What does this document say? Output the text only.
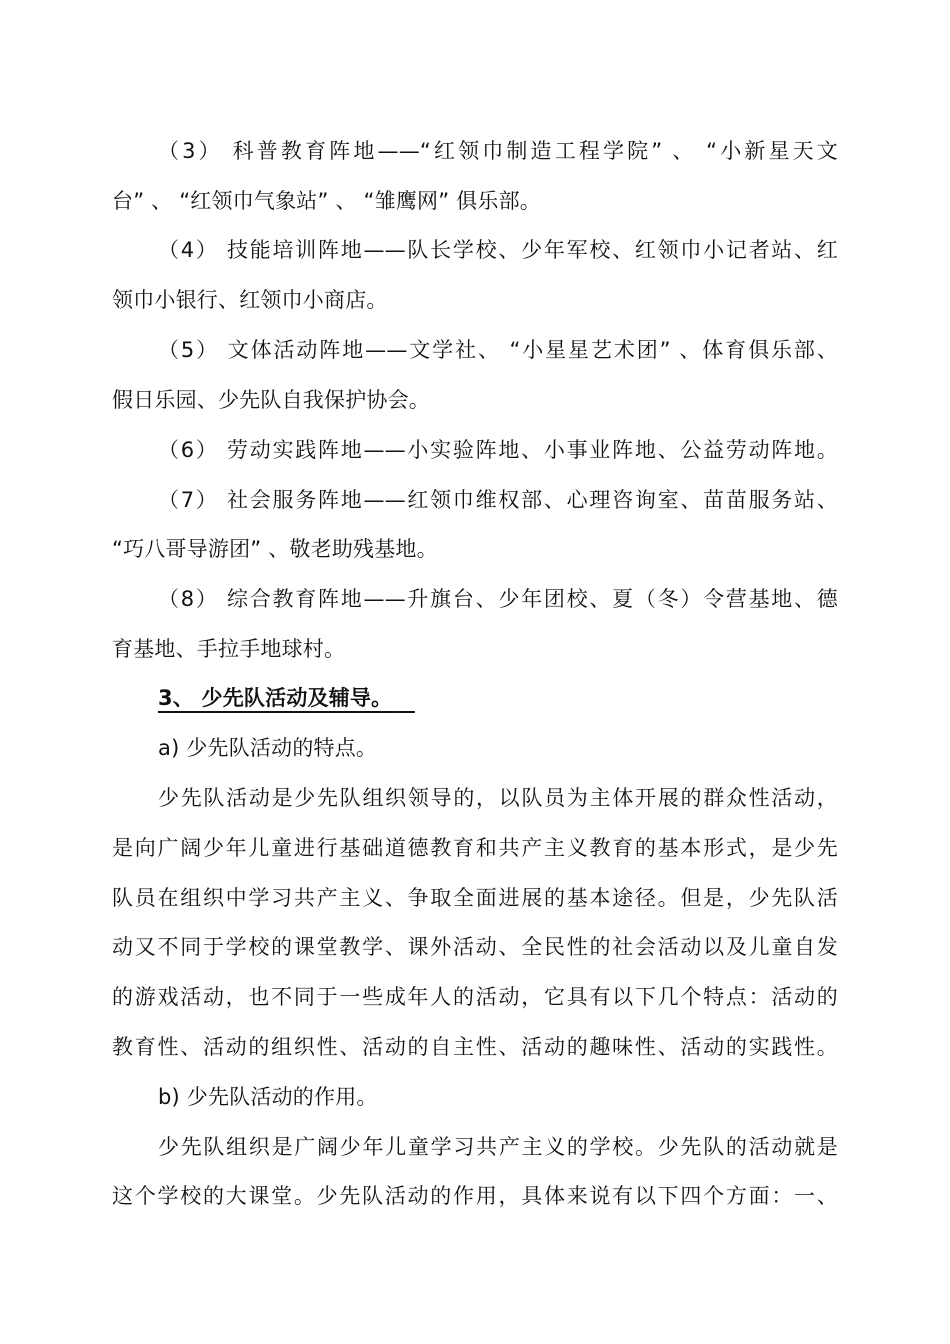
（3） 科普教育阵地——“红领巾制造工程学院” 、 “小新星天文
台” 、 “红领巾气象站” 、 “雏鹰网” 俱乐部。
（4） 技能培训阵地——队长学校、少年军校、红领巾小记者站、红
领巾小银行、红领巾小商店。
（5） 文体活动阵地——文学社、 “小星星艺术团” 、体育俱乐部、
假日乐园、少先队自我保护协会。
（6） 劳动实践阵地——小实验阵地、小事业阵地、公益劳动阵地。
（7） 社会服务阵地——红领巾维权部、心理咨询室、苗苗服务站、
“巧八哥导游团” 、敬老助残基地。
（8） 综合教育阵地——升旗台、少年团校、夏（冬）令营基地、德
育基地、手拉手地球村。
3、 少先队活动及辅导。
a) 少先队活动的特点。
少先队活动是少先队组织领导的，以队员为主体开展的群众性活动，
是向广阔少年儿童进行基础道德教育和共产主义教育的基本形式，是少先
队员在组织中学习共产主义、争取全面进展的基本途径。但是，少先队活
动又不同于学校的课堂教学、课外活动、全民性的社会活动以及儿童自发
的游戏活动，也不同于一些成年人的活动，它具有以下几个特点：活动的
教育性、活动的组织性、活动的自主性、活动的趣味性、活动的实践性。
b) 少先队活动的作用。
少先队组织是广阔少年儿童学习共产主义的学校。少先队的活动就是
这个学校的大课堂。少先队活动的作用，具体来说有以下四个方面：一、
